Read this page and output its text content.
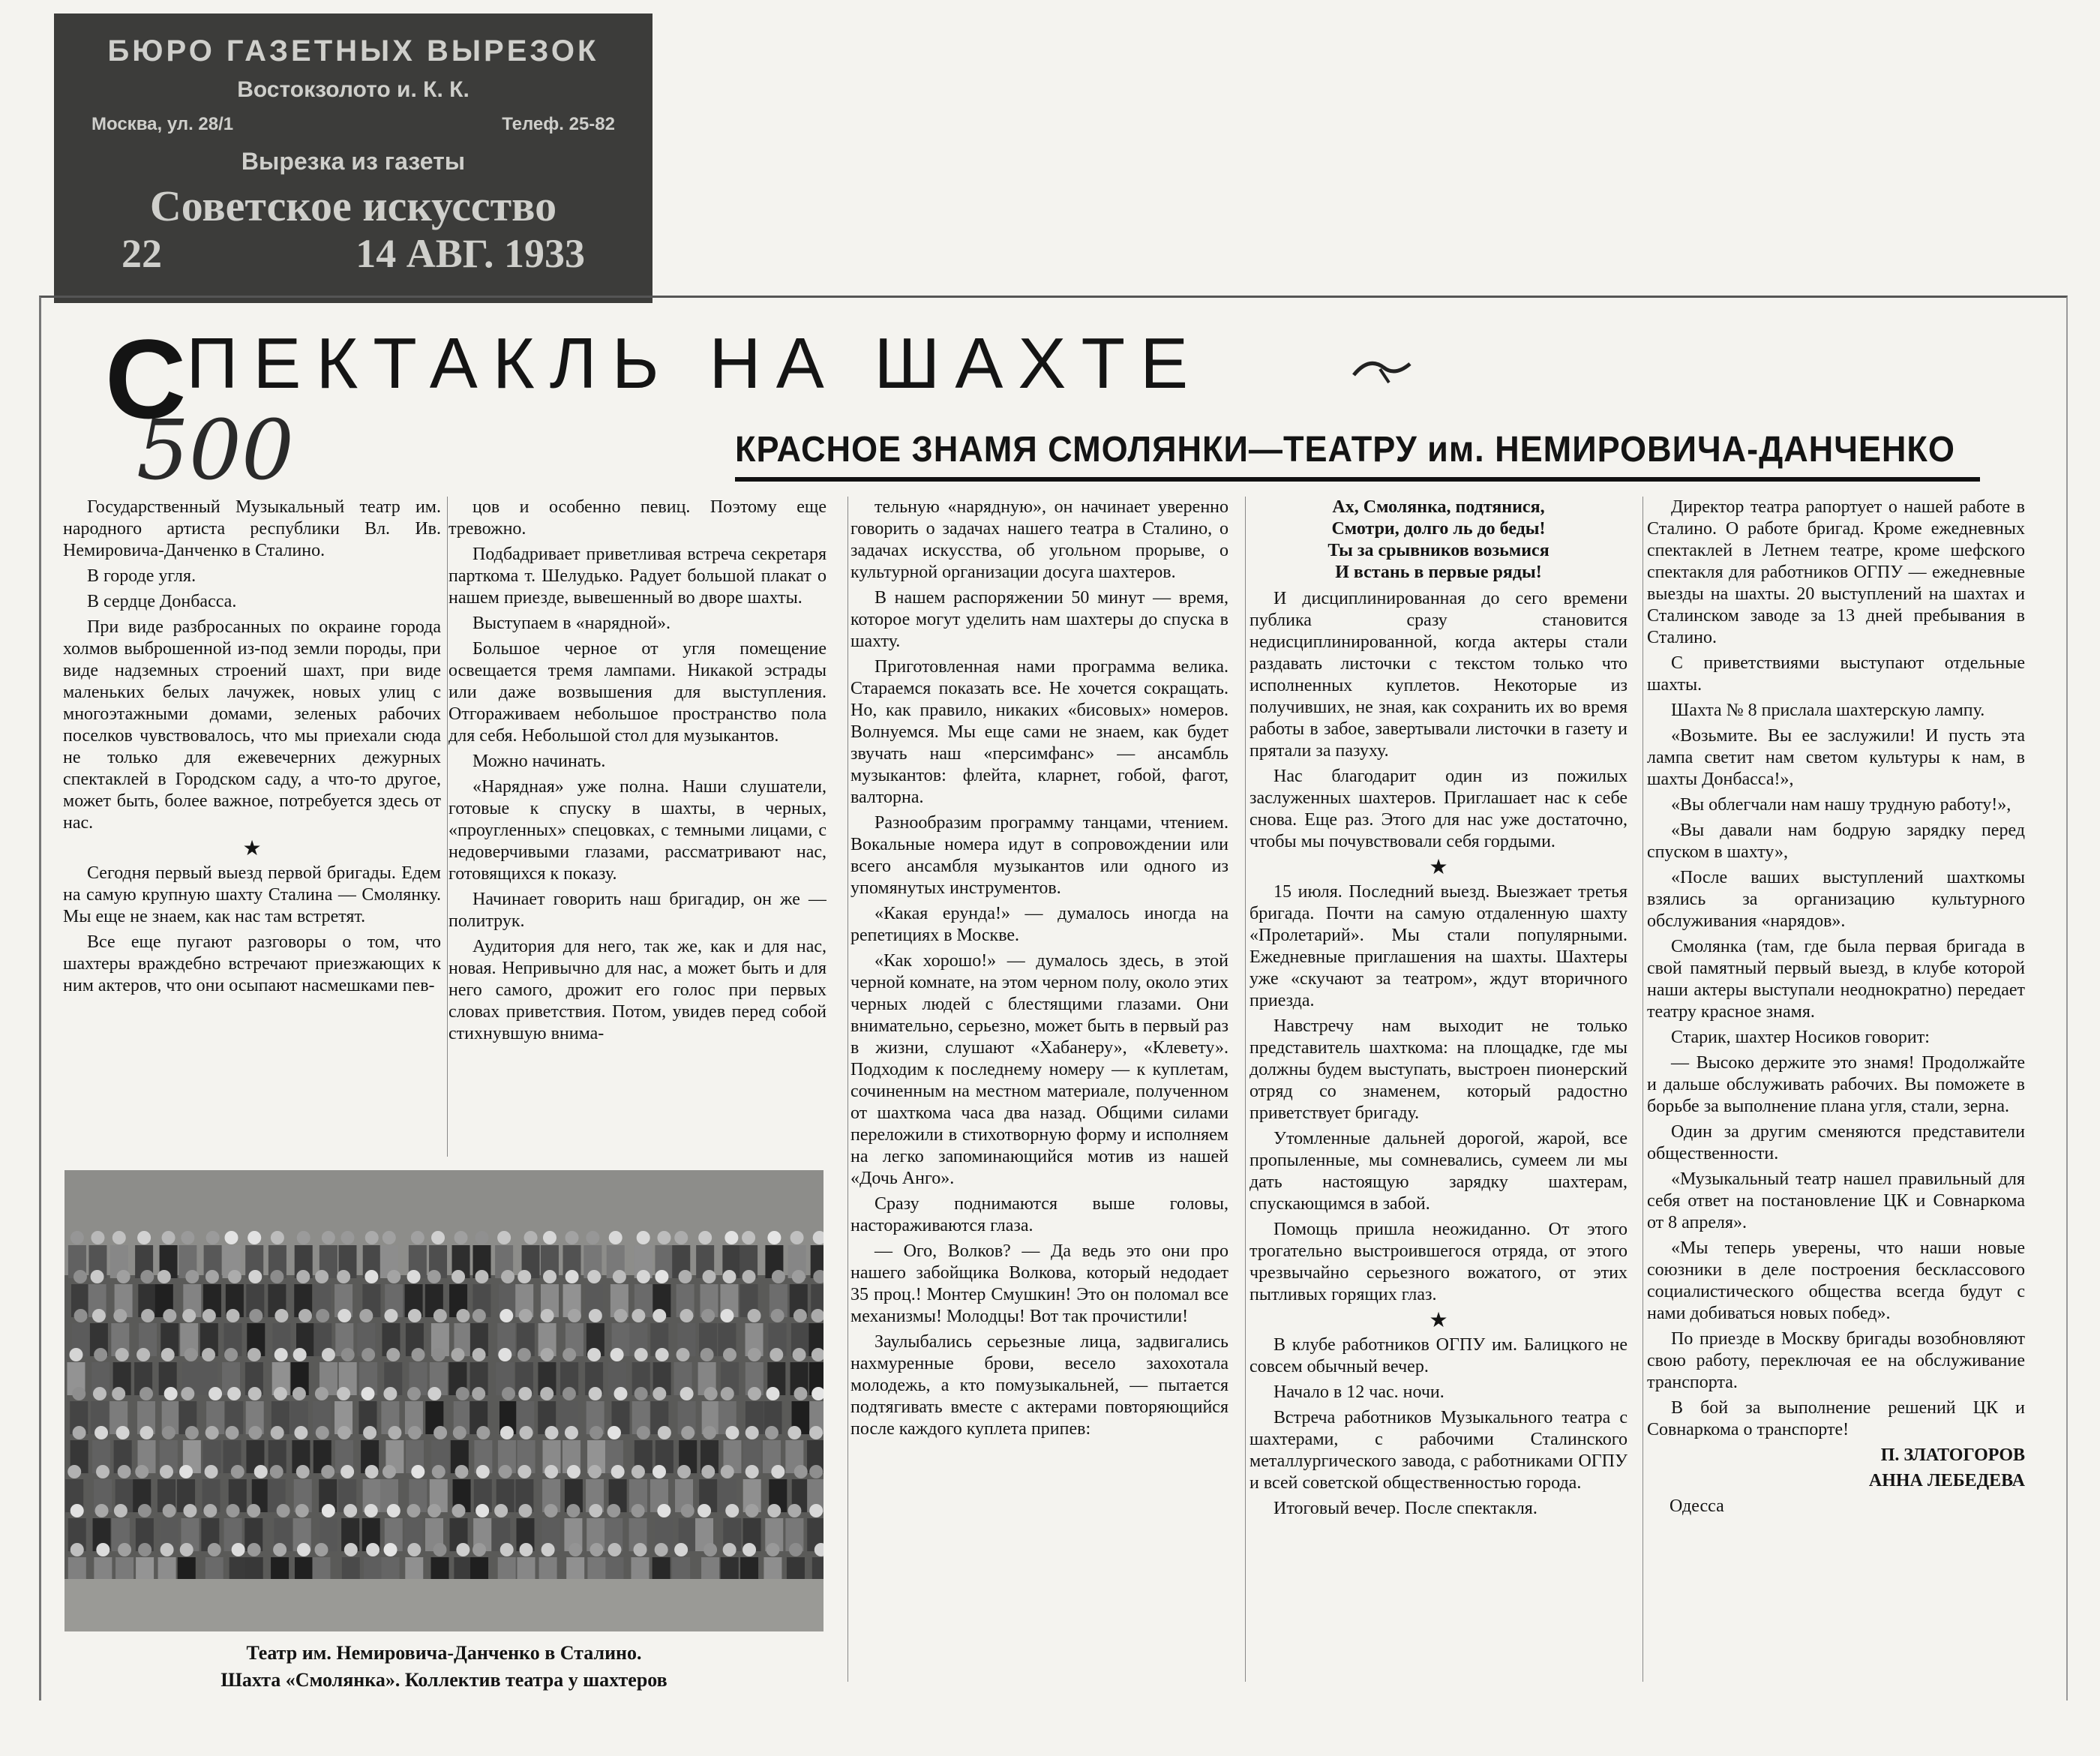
БЮРО ГАЗЕТНЫХ ВЫРЕЗОК
Востокзолото и. К. К.
Москва, ул. 28/1	Телеф. 25-82
Вырезка из газеты
Советское искусство
22	14 АВГ. 1933
СПЕКТАКЛЬ НА ШАХТЕ
500	КРАСНОЕ ЗНАМЯ СМОЛЯНКИ—ТЕАТРУ им. НЕМИРОВИЧА-ДАНЧЕНКО

Государственный Музыкальный театр им. народного артиста республики Вл. Ив. Немировича-Данченко в Сталино.

В городе угля.

В сердце Донбасса.

При виде разбросанных по окраине города холмов выброшенной из-под земли породы, при виде надземных строений шахт, при виде маленьких белых лачужек, новых улиц с многоэтажными домами, зеленых рабочих поселков чувствовалось, что мы приехали сюда не только для ежевечерних дежурных спектаклей в Городском саду, а что-то другое, может быть, более важное, потребуется здесь от нас.

★

Сегодня первый выезд первой бригады. Едем на самую крупную шахту Сталина — Смолянку. Мы еще не знаем, как нас там встретят.

Все еще пугают разговоры о том, что шахтеры враждебно встречают приезжающих к ним актеров, что они осыпают насмешками пев-

цов и особенно певиц. Поэтому еще тревожно.

Подбадривает приветливая встреча секретаря парткома т. Шелудько. Радует большой плакат о нашем приезде, вывешенный во дворе шахты.

Выступаем в «нарядной».

Большое черное от угля помещение освещается тремя лампами. Никакой эстрады или даже возвышения для выступления. Отгораживаем небольшое пространство пола для себя. Небольшой стол для музыкантов.

Можно начинать.

«Нарядная» уже полна. Наши слушатели, готовые к спуску в шахты, в черных, «проугленных» спецовках, с темными лицами, с недоверчивыми глазами, рассматривают нас, готовящихся к показу.

Начинает говорить наш бригадир, он же — политрук.

Аудитория для него, так же, как и для нас, новая. Непривычно для нас, а может быть и для него самого, дрожит его голос при первых словах приветствия. Потом, увидев перед собой стихнувшую внима-

Театр им. Немировича-Данченко в Сталино.
Шахта «Смолянка». Коллектив театра у шахтеров

тельную «нарядную», он начинает уверенно говорить о задачах нашего театра в Сталино, о задачах искусства, об угольном прорыве, о культурной организации досуга шахтеров.

В нашем распоряжении 50 минут — время, которое могут уделить нам шахтеры до спуска в шахту.

Приготовленная нами программа велика. Стараемся показать все. Не хочется сокращать. Но, как правило, никаких «бисовых» номеров. Волнуемся. Мы еще сами не знаем, как будет звучать наш «персимфанс» — ансамбль музыкантов: флейта, кларнет, гобой, фагот, валторна.

Разнообразим программу танцами, чтением. Вокальные номера идут в сопровождении или всего ансамбля музыкантов или одного из упомянутых инструментов.

«Какая ерунда!» — думалось иногда на репетициях в Москве.

«Как хорошо!» — думалось здесь, в этой черной комнате, на этом черном полу, около этих черных людей с блестящими глазами. Они внимательно, серьезно, может быть в первый раз в жизни, слушают «Хабанеру», «Клевету». Подходим к последнему номеру — к куплетам, сочиненным на местном материале, полученном от шахткома часа два назад. Общими силами переложили в стихотворную форму и исполняем на легко запоминающийся мотив из нашей «Дочь Анго».

Сразу поднимаются выше головы, настораживаются глаза.

— Ого, Волков? — Да ведь это они про нашего забойщика Волкова, который недодает 35 проц.! Монтер Смушкин! Это он поломал все механизмы! Молодцы! Вот так прочистили!

Заулыбались серьезные лица, задвигались нахмуренные брови, весело захохотала молодежь, а кто помузыкальней, — пытается подтягивать вместе с актерами повторяющийся после каждого куплета припев:

Ах, Смолянка, подтянися,

Смотри, долго ль до беды!

Ты за срывников возьмися

И встань в первые ряды!

И дисциплинированная до сего времени публика сразу становится недисциплинированной, когда актеры стали раздавать листочки с текстом только что исполненных куплетов. Некоторые из получивших, не зная, как сохранить их во время работы в забое, завертывали листочки в газету и прятали за пазуху.

Нас благодарит один из пожилых заслуженных шахтеров. Приглашает нас к себе снова. Еще раз. Этого для нас уже достаточно, чтобы мы почувствовали себя гордыми.

★

15 июля. Последний выезд. Выезжает третья бригада. Почти на самую отдаленную шахту «Пролетарий». Мы стали популярными. Ежедневные приглашения на шахты. Шахтеры уже «скучают за театром», ждут вторичного приезда.

Навстречу нам выходит не только представитель шахткома: на площадке, где мы должны будем выступать, выстроен пионерский отряд со знаменем, который радостно приветствует бригаду.

Утомленные дальней дорогой, жарой, все пропыленные, мы сомневались, сумеем ли мы дать настоящую зарядку шахтерам, спускающимся в забой.

Помощь пришла неожиданно. От этого трогательно выстроившегося отряда, от этого чрезвычайно серьезного вожатого, от этих пытливых горящих глаз.

★

В клубе работников ОГПУ им. Балицкого не совсем обычный вечер.

Начало в 12 час. ночи.

Встреча работников Музыкального театра с шахтерами, с рабочими Сталинского металлургического завода, с работниками ОГПУ и всей советской общественностью города.

Итоговый вечер. После спектакля.

Директор театра рапортует о нашей работе в Сталино. О работе бригад. Кроме ежедневных спектаклей в Летнем театре, кроме шефского спектакля для работников ОГПУ — ежедневные выезды на шахты. 20 выступлений на шахтах и Сталинском заводе за 13 дней пребывания в Сталино.

С приветствиями выступают отдельные шахты.

Шахта № 8 прислала шахтерскую лампу.

«Возьмите. Вы ее заслужили! И пусть эта лампа светит нам светом культуры к нам, в шахты Донбасса!»,

«Вы облегчали нам нашу трудную работу!»,

«Вы давали нам бодрую зарядку перед спуском в шахту»,

«После ваших выступлений шахткомы взялись за организацию культурного обслуживания «нарядов».

Смолянка (там, где была первая бригада в свой памятный первый выезд, в клубе которой наши актеры выступали неоднократно) передает театру красное знамя.

Старик, шахтер Носиков говорит:

— Высоко держите это знамя! Продолжайте и дальше обслуживать рабочих. Вы поможете в борьбе за выполнение плана угля, стали, зерна.

Один за другим сменяются представители общественности.

«Музыкальный театр нашел правильный для себя ответ на постановление ЦК и Совнаркома от 8 апреля».

«Мы теперь уверены, что наши новые союзники в деле построения бесклассового социалистического общества всегда будут с нами добиваться новых побед».

По приезде в Москву бригады возобновляют свою работу, переключая ее на обслуживание транспорта.

В бой за выполнение решений ЦК и Совнаркома о транспорте!

П. ЗЛАТОГОРОВ

АННА ЛЕБЕДЕВА

Одесса
